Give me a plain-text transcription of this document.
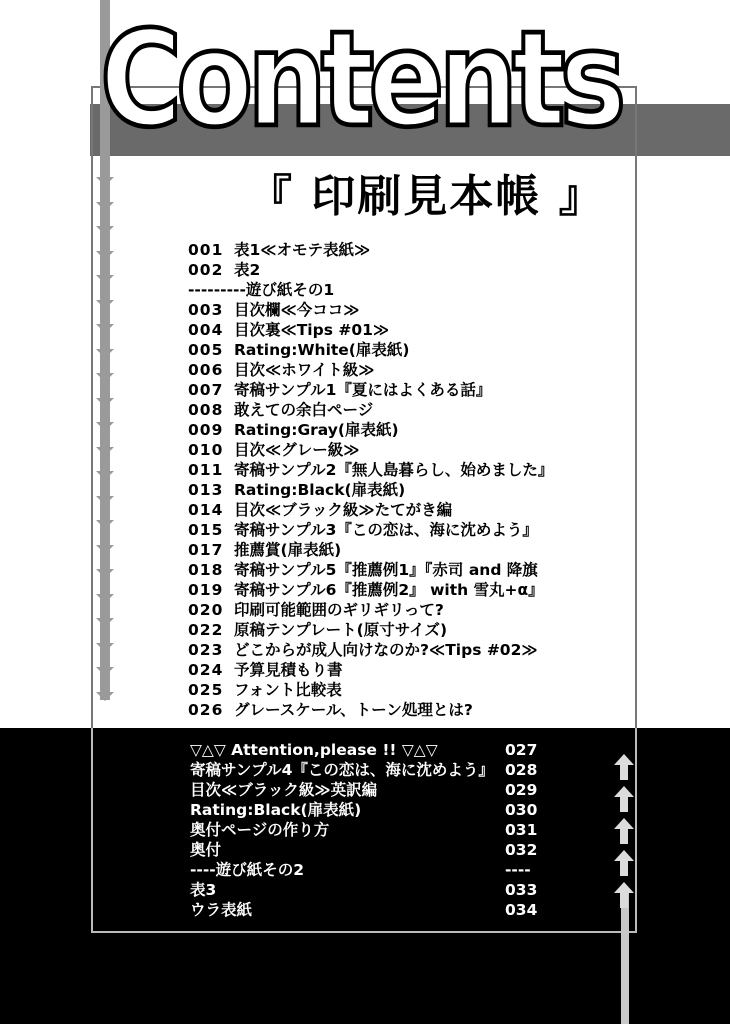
Contents
『 印刷見本帳 』
001 表1≪オモテ表紙≫
002 表2
---------遊び紙その1
003 目次欄≪今ココ≫
004 目次裏≪Tips #01≫
005 Rating:White(扉表紙)
006 目次≪ホワイト級≫
007 寄稿サンプル1『夏にはよくある話』
008 敢えての余白ページ
009 Rating:Gray(扉表紙)
010 目次≪グレー級≫
011 寄稿サンプル2『無人島暮らし、始めました』
013 Rating:Black(扉表紙)
014 目次≪ブラック級≫たてがき編
015 寄稿サンプル3『この恋は、海に沈めよう』
017 推薦賞(扉表紙)
018 寄稿サンプル5『推薦例1』『赤司 and 降旗
019 寄稿サンプル6『推薦例2』 with 雪丸+α』
020 印刷可能範囲のギリギリって?
022 原稿テンプレート(原寸サイズ)
023 どこからが成人向けなのか?≪Tips #02≫
024 予算見積もり書
025 フォント比較表
026 グレースケール、トーン処理とは?
▽△▽ Attention,please !! ▽△▽	027
寄稿サンプル4『この恋は、海に沈めよう』 028
目次≪ブラック級≫英訳編	029
Rating:Black(扉表紙)	030
奥付ページの作り方	031
奥付	032
----遊び紙その2	----
表3	033
ウラ表紙	034
